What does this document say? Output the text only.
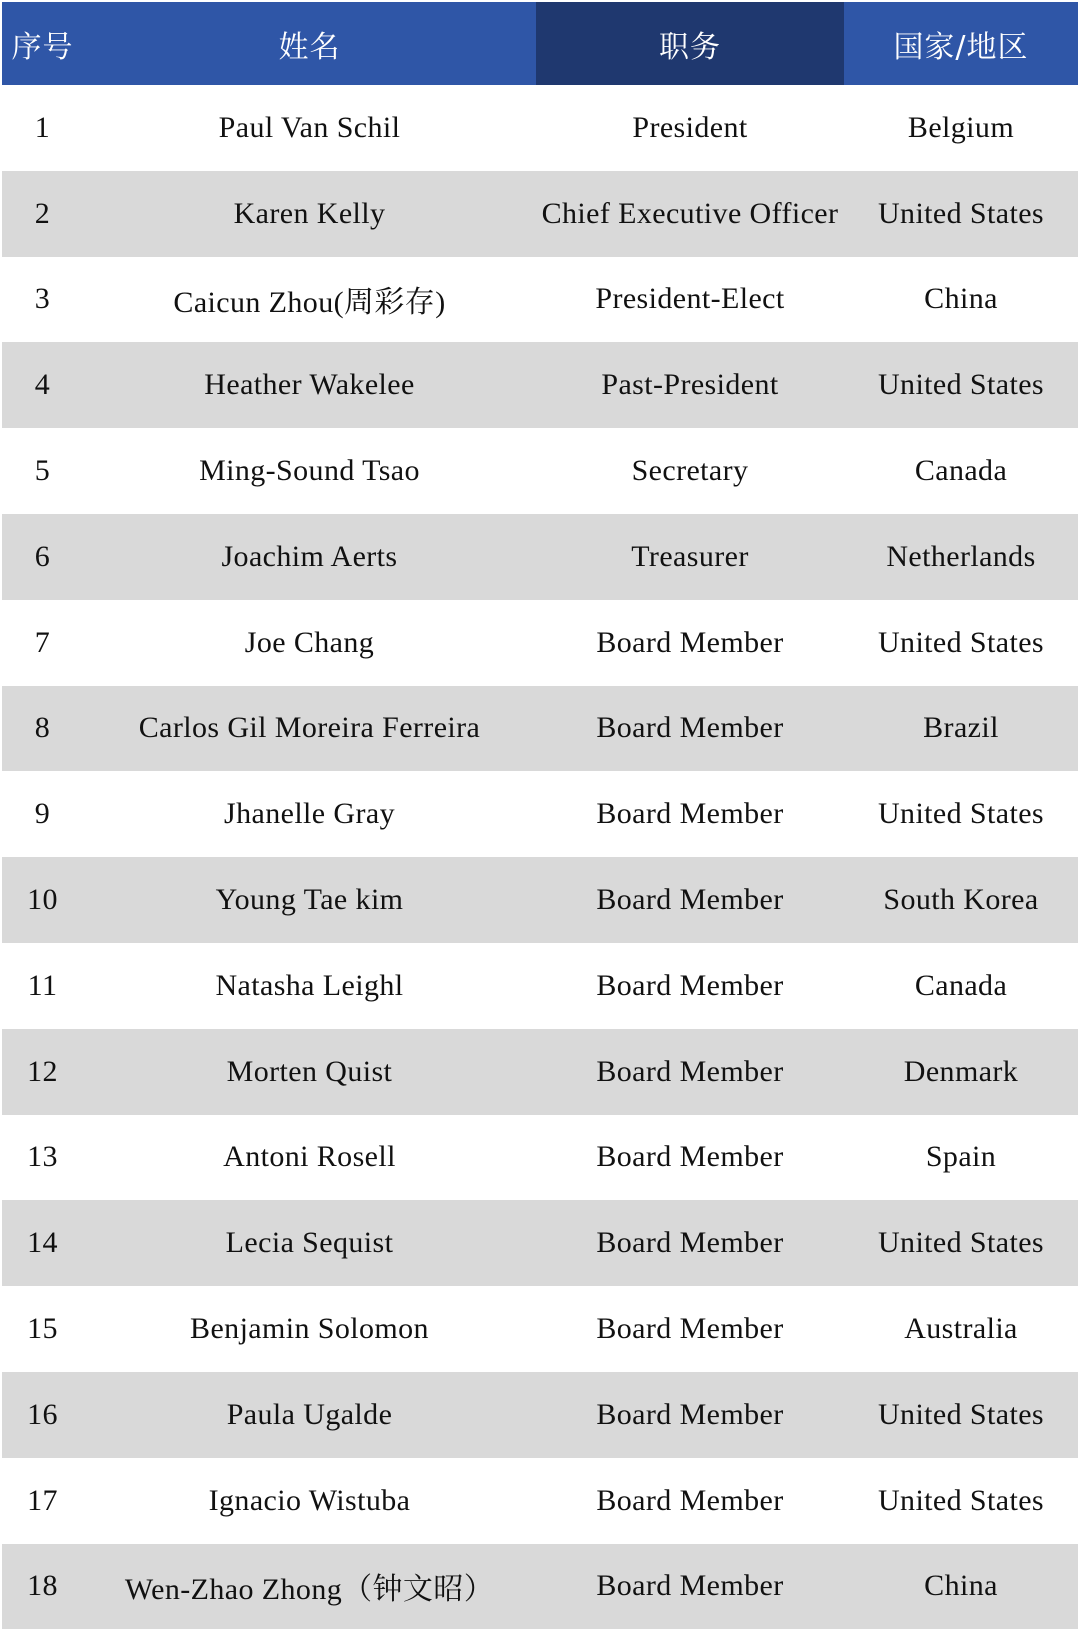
序号	姓名	职务	国家/地区
1	Paul Van Schil	President	Belgium
2	Karen Kelly	Chief Executive Officer	United States
3	Caicun Zhou(周彩存)	President-Elect	China
4	Heather Wakelee	Past-President	United States
5	Ming-Sound Tsao	Secretary	Canada
6	Joachim Aerts	Treasurer	Netherlands
7	Joe Chang	Board Member	United States
8	Carlos Gil Moreira Ferreira	Board Member	Brazil
9	Jhanelle Gray	Board Member	United States
10	Young Tae kim	Board Member	South Korea
11	Natasha Leighl	Board Member	Canada
12	Morten Quist	Board Member	Denmark
13	Antoni Rosell	Board Member	Spain
14	Lecia Sequist	Board Member	United States
15	Benjamin Solomon	Board Member	Australia
16	Paula Ugalde	Board Member	United States
17	Ignacio Wistuba	Board Member	United States
18	Wen-Zhao Zhong（钟文昭）	Board Member	China
